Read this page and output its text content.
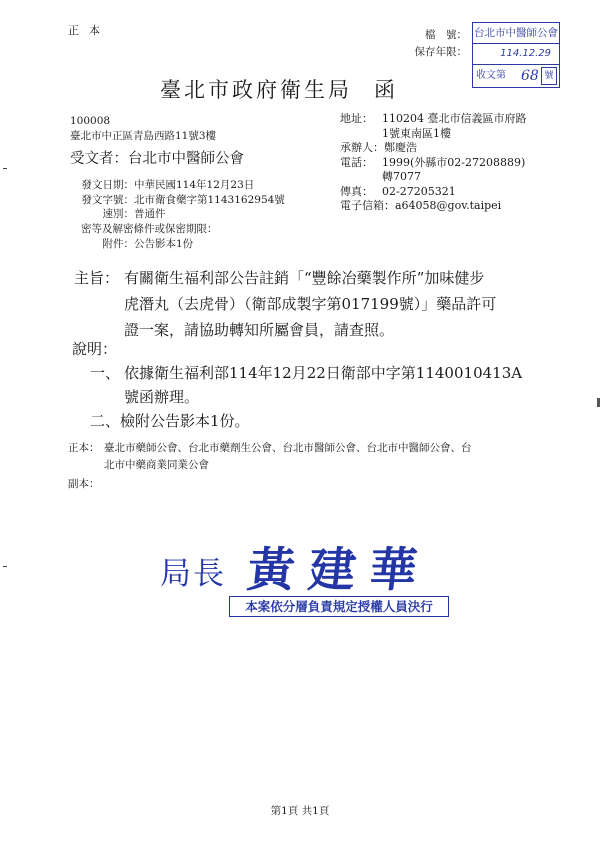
正本	檔　號：
保存年限：
台北市中醫師公會
114.12.29
收文第 68 號
臺北市政府衛生局 函
100008
臺北市中正區青島西路11號3樓
受文者：台北市中醫師公會
地址： 110204 臺北市信義區市府路
1號東南區1樓
承辦人：鄭慶浩
電話： 1999(外縣市02-27208889)
轉7077
傳真： 02-27205321
電子信箱：a64058@gov.taipei
發文日期：中華民國114年12月23日
發文字號：北市衛食藥字第1143162954號
速別：普通件
密等及解密條件或保密期限：
附件：公告影本1份
主旨： 有關衛生福利部公告註銷「“豐餘冶藥製作所”加味健步
虎潛丸（去虎骨）（衛部成製字第017199號）」藥品許可
證一案，請協助轉知所屬會員，請查照。
說明：
一、 依據衛生福利部114年12月22日衛部中字第1140010413A
號函辦理。
二、檢附公告影本1份。
正本： 臺北市藥師公會、台北市藥劑生公會、台北市醫師公會、台北市中醫師公會、台
北市中藥商業同業公會
副本：
局長 黃建華
本案依分層負責規定授權人員決行
第1頁 共1頁
